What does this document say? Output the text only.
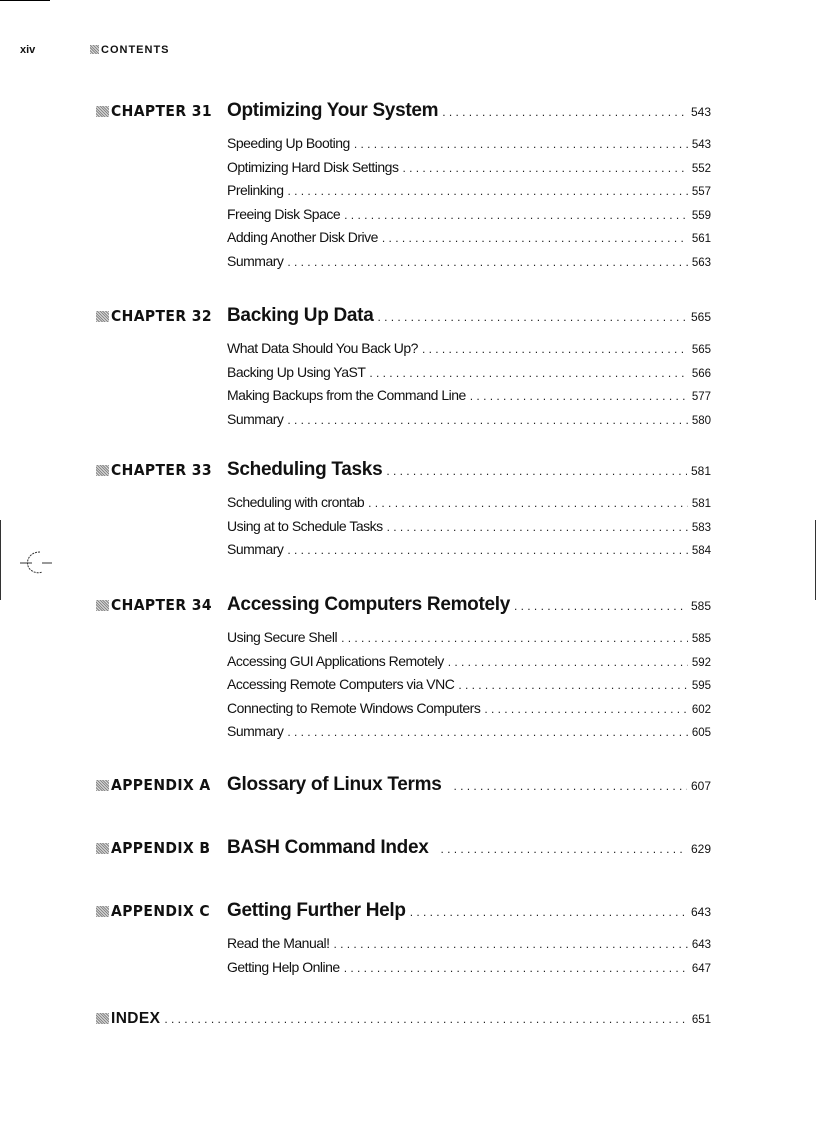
xiv	CONTENTS
CHAPTER 31 Optimizing Your System .....	543
Speeding Up Booting .....	543
Optimizing Hard Disk Settings .....	552
Prelinking .....	557
Freeing Disk Space .....	559
Adding Another Disk Drive .....	561
Summary .....	563
CHAPTER 32 Backing Up Data .....	565
What Data Should You Back Up? .....	565
Backing Up Using YaST .....	566
Making Backups from the Command Line .....	577
Summary .....	580
CHAPTER 33 Scheduling Tasks .....	581
Scheduling with crontab .....	581
Using at to Schedule Tasks .....	583
Summary .....	584
CHAPTER 34 Accessing Computers Remotely .....	585
Using Secure Shell .....	585
Accessing GUI Applications Remotely .....	592
Accessing Remote Computers via VNC .....	595
Connecting to Remote Windows Computers .....	602
Summary .....	605
APPENDIX A Glossary of Linux Terms .....	607
APPENDIX B BASH Command Index .....	629
APPENDIX C Getting Further Help .....	643
Read the Manual! .....	643
Getting Help Online .....	647
INDEX .....	651
